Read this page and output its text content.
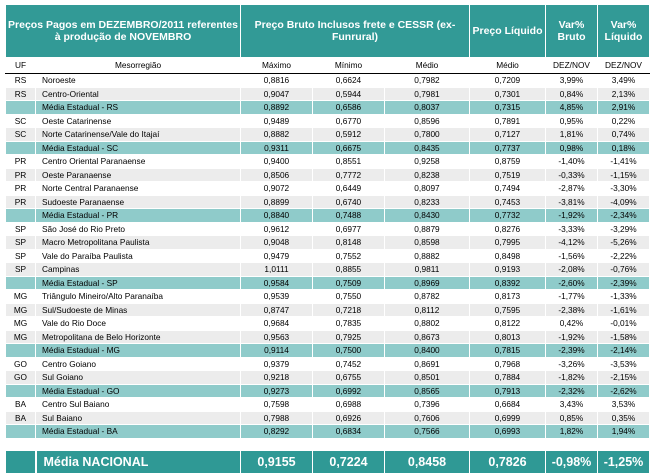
Preços Pagos em DEZEMBRO/2011 referentes à produção de NOVEMBRO		Preço Bruto Inclusos frete e CESSR (ex-Funrural)			Preço Líquido	Var% Bruto	Var% Líquido
UF	Mesorregião	Máximo	Mínimo	Médio	Médio	DEZ/NOV	DEZ/NOV
RS	Noroeste	0,8816	0,6624	0,7982	0,7209	3,99%	3,49%
RS	Centro-Oriental	0,9047	0,5944	0,7981	0,7301	0,84%	2,13%
	Média Estadual - RS	0,8892	0,6586	0,8037	0,7315	4,85%	2,91%
SC	Oeste Catarinense	0,9489	0,6770	0,8596	0,7891	0,95%	0,22%
SC	Norte Catarinense/Vale do Itajaí	0,8882	0,5912	0,7800	0,7127	1,81%	0,74%
	Média Estadual - SC	0,9311	0,6675	0,8435	0,7737	0,98%	0,18%
PR	Centro Oriental Paranaense	0,9400	0,8551	0,9258	0,8759	-1,40%	-1,41%
PR	Oeste Paranaense	0,8506	0,7772	0,8238	0,7519	-0,33%	-1,15%
PR	Norte Central Paranaense	0,9072	0,6449	0,8097	0,7494	-2,87%	-3,30%
PR	Sudoeste Paranaense	0,8899	0,6740	0,8233	0,7453	-3,81%	-4,09%
	Média Estadual - PR	0,8840	0,7488	0,8430	0,7732	-1,92%	-2,34%
SP	São José do Rio Preto	0,9612	0,6977	0,8879	0,8276	-3,33%	-3,29%
SP	Macro Metropolitana Paulista	0,9048	0,8148	0,8598	0,7995	-4,12%	-5,26%
SP	Vale do Paraíba Paulista	0,9479	0,7552	0,8882	0,8498	-1,56%	-2,22%
SP	Campinas	1,0111	0,8855	0,9811	0,9193	-2,08%	-0,76%
	Média Estadual - SP	0,9584	0,7509	0,8969	0,8392	-2,60%	-2,39%
MG	Triângulo Mineiro/Alto Paranaíba	0,9539	0,7550	0,8782	0,8173	-1,77%	-1,33%
MG	Sul/Sudoeste de Minas	0,8747	0,7218	0,8112	0,7595	-2,38%	-1,61%
MG	Vale do Rio Doce	0,9684	0,7835	0,8802	0,8122	0,42%	-0,01%
MG	Metropolitana de Belo Horizonte	0,9563	0,7925	0,8673	0,8013	-1,92%	-1,58%
	Média Estadual - MG	0,9114	0,7500	0,8400	0,7815	-2,39%	-2,14%
GO	Centro Goiano	0,9379	0,7452	0,8691	0,7968	-3,26%	-3,53%
GO	Sul Goiano	0,9218	0,6755	0,8501	0,7884	-1,82%	-2,15%
	Média Estadual - GO	0,9273	0,6992	0,8565	0,7913	-2,32%	-2,62%
BA	Centro Sul Baiano	0,7598	0,6988	0,7396	0,6684	3,43%	3,53%
BA	Sul Baiano	0,7988	0,6926	0,7606	0,6999	0,85%	0,35%
	Média Estadual - BA	0,8292	0,6834	0,7566	0,6993	1,82%	1,94%

	Média NACIONAL	0,9155	0,7224	0,8458	0,7826	-0,98%	-1,25%
